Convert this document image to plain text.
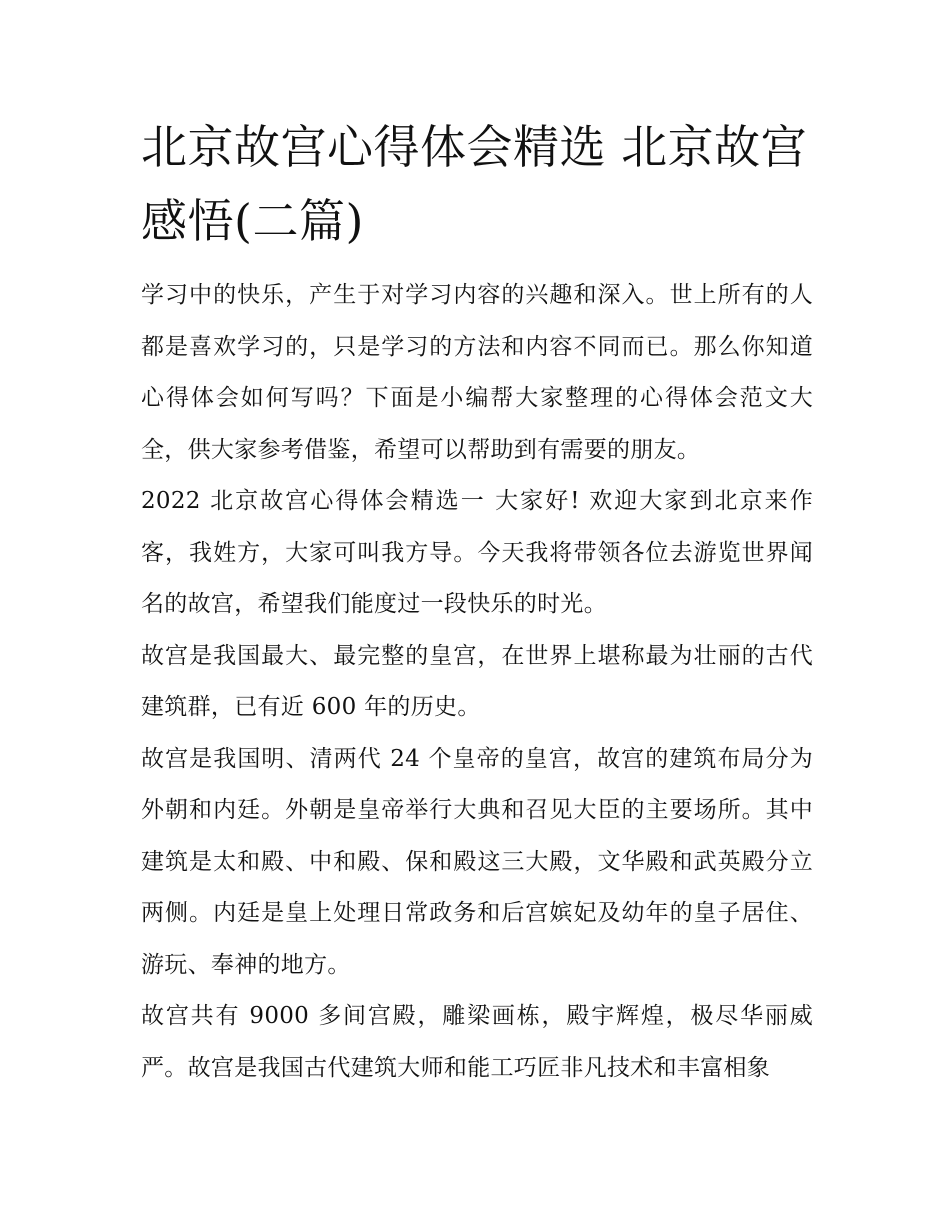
北京故宫心得体会精选 北京故宫感悟(二篇)

学习中的快乐，产生于对学习内容的兴趣和深入。世上所有的人都是喜欢学习的，只是学习的方法和内容不同而已。那么你知道心得体会如何写吗？下面是小编帮大家整理的心得体会范文大全，供大家参考借鉴，希望可以帮助到有需要的朋友。

2022 北京故宫心得体会精选一 大家好! 欢迎大家到北京来作客，我姓方，大家可叫我方导。今天我将带领各位去游览世界闻名的故宫，希望我们能度过一段快乐的时光。

故宫是我国最大、最完整的皇宫，在世界上堪称最为壮丽的古代建筑群，已有近 600 年的历史。

故宫是我国明、清两代 24 个皇帝的皇宫，故宫的建筑布局分为外朝和内廷。外朝是皇帝举行大典和召见大臣的主要场所。其中建筑是太和殿、中和殿、保和殿这三大殿，文华殿和武英殿分立两侧。内廷是皇上处理日常政务和后宫嫔妃及幼年的皇子居住、游玩、奉神的地方。

故宫共有 9000 多间宫殿，雕梁画栋，殿宇辉煌，极尽华丽威严。故宫是我国古代建筑大师和能工巧匠非凡技术和丰富相象
